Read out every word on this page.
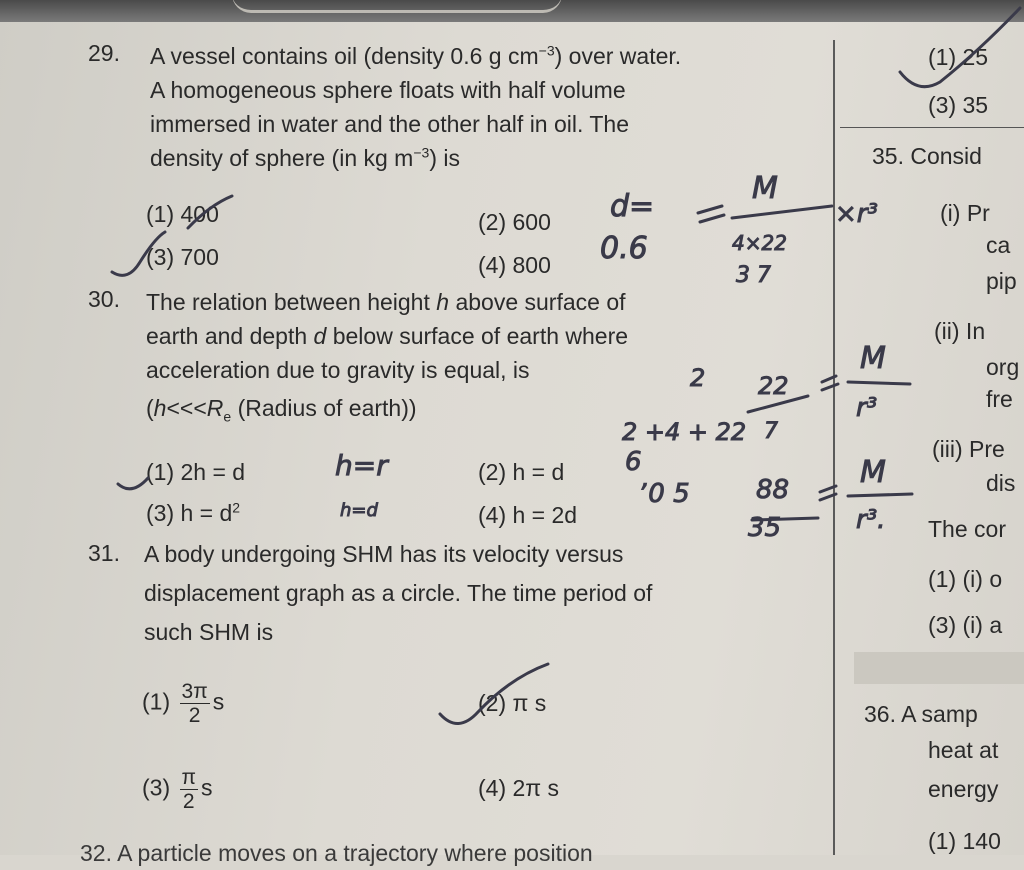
29. A vessel contains oil (density 0.6 g $cm^{-3}$) over water.
A homogeneous sphere floats with half volume
immersed in water and the other half in oil. The
density of sphere (in kg $m^{-3}$) is
(1) 400	(2) 600
(3) 700	(4) 800
30. The relation between height h above surface of
earth and depth d below surface of earth where
acceleration due to gravity is equal, is
($h<<<R_e$ (Radius of earth))
(1) 2h = d	(2) h = d
(3) $h = d^2$	(4) h = 2d
31. A body undergoing SHM has its velocity versus
displacement graph as a circle. The time period of
such SHM is
$(1) \frac{3\pi}{2}$ s	(2) π s
$(3) \frac{\pi}{2}$ s	(4) 2π s
32. A particle moves on a trajectory where position
(1) 25
(3) 35
35. Consid
(i) Pr
ca
pip
(ii) In
org
fre
(iii) Pre
dis
The cor
(1) (i) o
(3) (i) a
36. A samp
heat at
energy
(1) 140
d=
0.6
M
4×22
3 7
×r³
h=r
h=d
2
2 +4 + 22
22
7
6
ʼ0 5	88
35
M
r³
M
r³.
